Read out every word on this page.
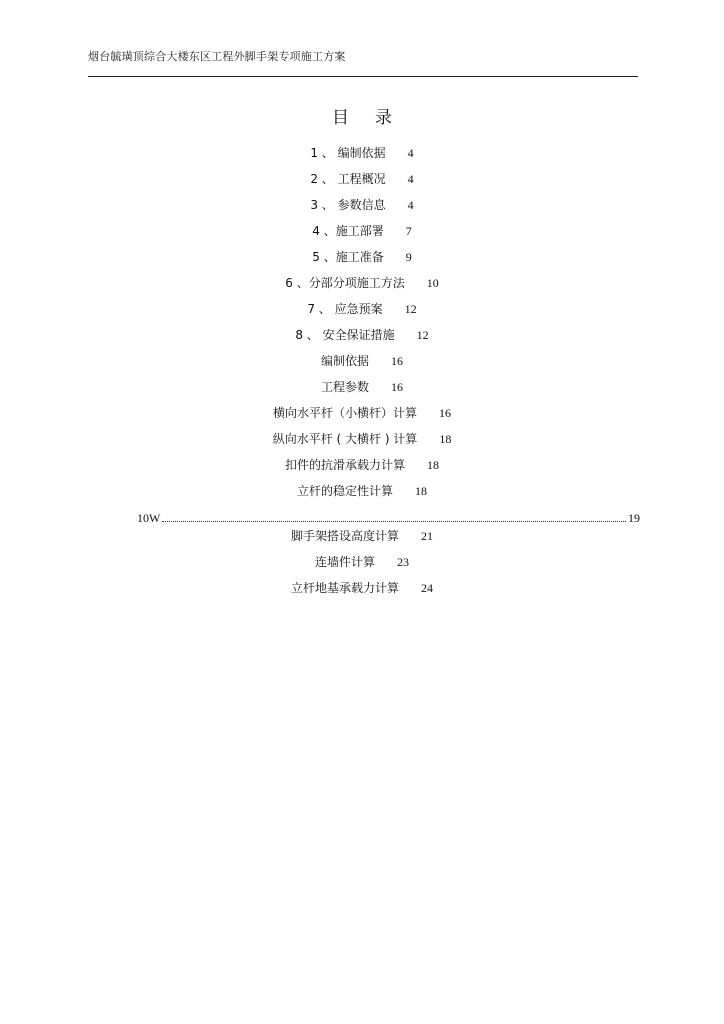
烟台毓璜顶综合大楼东区工程外脚手架专项施工方案
目录
1 、 编制依据 4
2 、 工程概况 4
3 、 参数信息 4
4 、施工部署 7
5 、施工准备 9
6 、分部分项施工方法 10
7 、 应急预案 12
8 、 安全保证措施 12
编制依据 16
工程参数 16
横向水平杆（小横杆）计算 16
纵向水平杆 ( 大横杆 ) 计算 18
扣件的抗滑承载力计算 18
立杆的稳定性计算 18
10W	19
脚手架搭设高度计算 21
连墙件计算 23
立杆地基承载力计算 24
